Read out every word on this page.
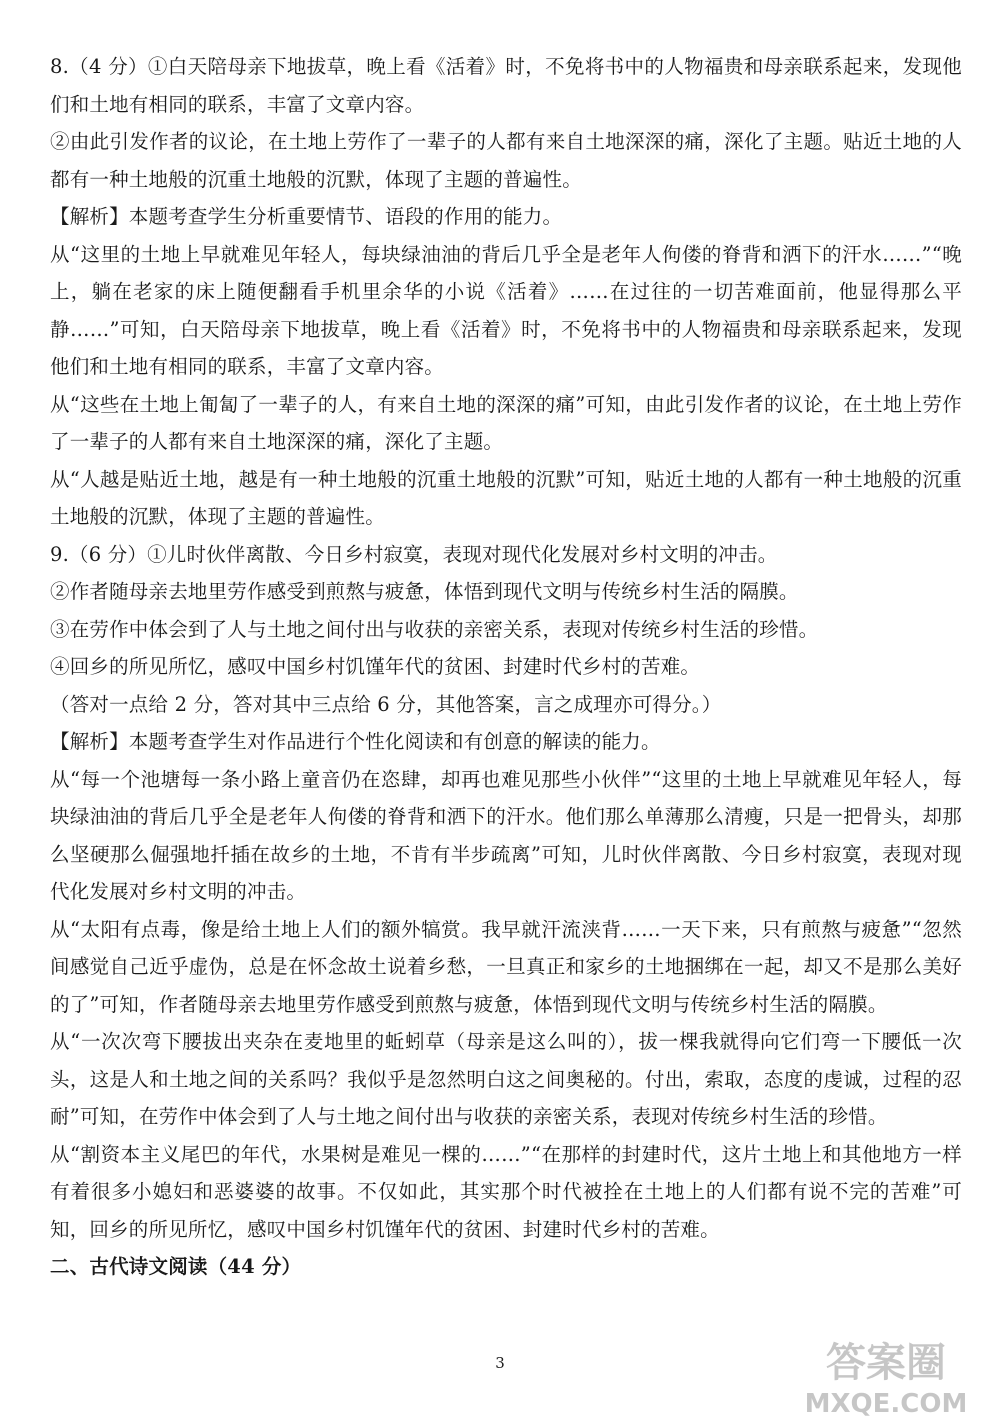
8.（4 分）①白天陪母亲下地拔草，晚上看《活着》时，不免将书中的人物福贵和母亲联系起来，发现他们和土地有相同的联系，丰富了文章内容。

②由此引发作者的议论，在土地上劳作了一辈子的人都有来自土地深深的痛，深化了主题。贴近土地的人都有一种土地般的沉重土地般的沉默，体现了主题的普遍性。

【解析】本题考查学生分析重要情节、语段的作用的能力。

从“这里的土地上早就难见年轻人，每块绿油油的背后几乎全是老年人佝偻的脊背和洒下的汗水……”“晚上，躺在老家的床上随便翻看手机里余华的小说《活着》……在过往的一切苦难面前，他显得那么平静……”可知，白天陪母亲下地拔草，晚上看《活着》时，不免将书中的人物福贵和母亲联系起来，发现他们和土地有相同的联系，丰富了文章内容。

从“这些在土地上匍匐了一辈子的人，有来自土地的深深的痛”可知，由此引发作者的议论，在土地上劳作了一辈子的人都有来自土地深深的痛，深化了主题。

从“人越是贴近土地，越是有一种土地般的沉重土地般的沉默”可知，贴近土地的人都有一种土地般的沉重土地般的沉默，体现了主题的普遍性。

9.（6 分）①儿时伙伴离散、今日乡村寂寞，表现对现代化发展对乡村文明的冲击。

②作者随母亲去地里劳作感受到煎熬与疲惫，体悟到现代文明与传统乡村生活的隔膜。

③在劳作中体会到了人与土地之间付出与收获的亲密关系，表现对传统乡村生活的珍惜。

④回乡的所见所忆，感叹中国乡村饥馑年代的贫困、封建时代乡村的苦难。

（答对一点给 2 分，答对其中三点给 6 分，其他答案，言之成理亦可得分。）

【解析】本题考查学生对作品进行个性化阅读和有创意的解读的能力。

从“每一个池塘每一条小路上童音仍在恣肆，却再也难见那些小伙伴”“这里的土地上早就难见年轻人，每块绿油油的背后几乎全是老年人佝偻的脊背和洒下的汗水。他们那么单薄那么清瘦，只是一把骨头，却那么坚硬那么倔强地扦插在故乡的土地，不肯有半步疏离”可知，儿时伙伴离散、今日乡村寂寞，表现对现代化发展对乡村文明的冲击。

从“太阳有点毒，像是给土地上人们的额外犒赏。我早就汗流浃背……一天下来，只有煎熬与疲惫”“忽然间感觉自己近乎虚伪，总是在怀念故土说着乡愁，一旦真正和家乡的土地捆绑在一起，却又不是那么美好的了”可知，作者随母亲去地里劳作感受到煎熬与疲惫，体悟到现代文明与传统乡村生活的隔膜。

从“一次次弯下腰拔出夹杂在麦地里的蚯蚓草（母亲是这么叫的），拔一棵我就得向它们弯一下腰低一次头，这是人和土地之间的关系吗？我似乎是忽然明白这之间奥秘的。付出，索取，态度的虔诚，过程的忍耐”可知，在劳作中体会到了人与土地之间付出与收获的亲密关系，表现对传统乡村生活的珍惜。

从“割资本主义尾巴的年代，水果树是难见一棵的……”“在那样的封建时代，这片土地上和其他地方一样有着很多小媳妇和恶婆婆的故事。不仅如此，其实那个时代被拴在土地上的人们都有说不完的苦难”可知，回乡的所见所忆，感叹中国乡村饥馑年代的贫困、封建时代乡村的苦难。

二、古代诗文阅读（44 分）

3	答案圈
MXQE.COM
